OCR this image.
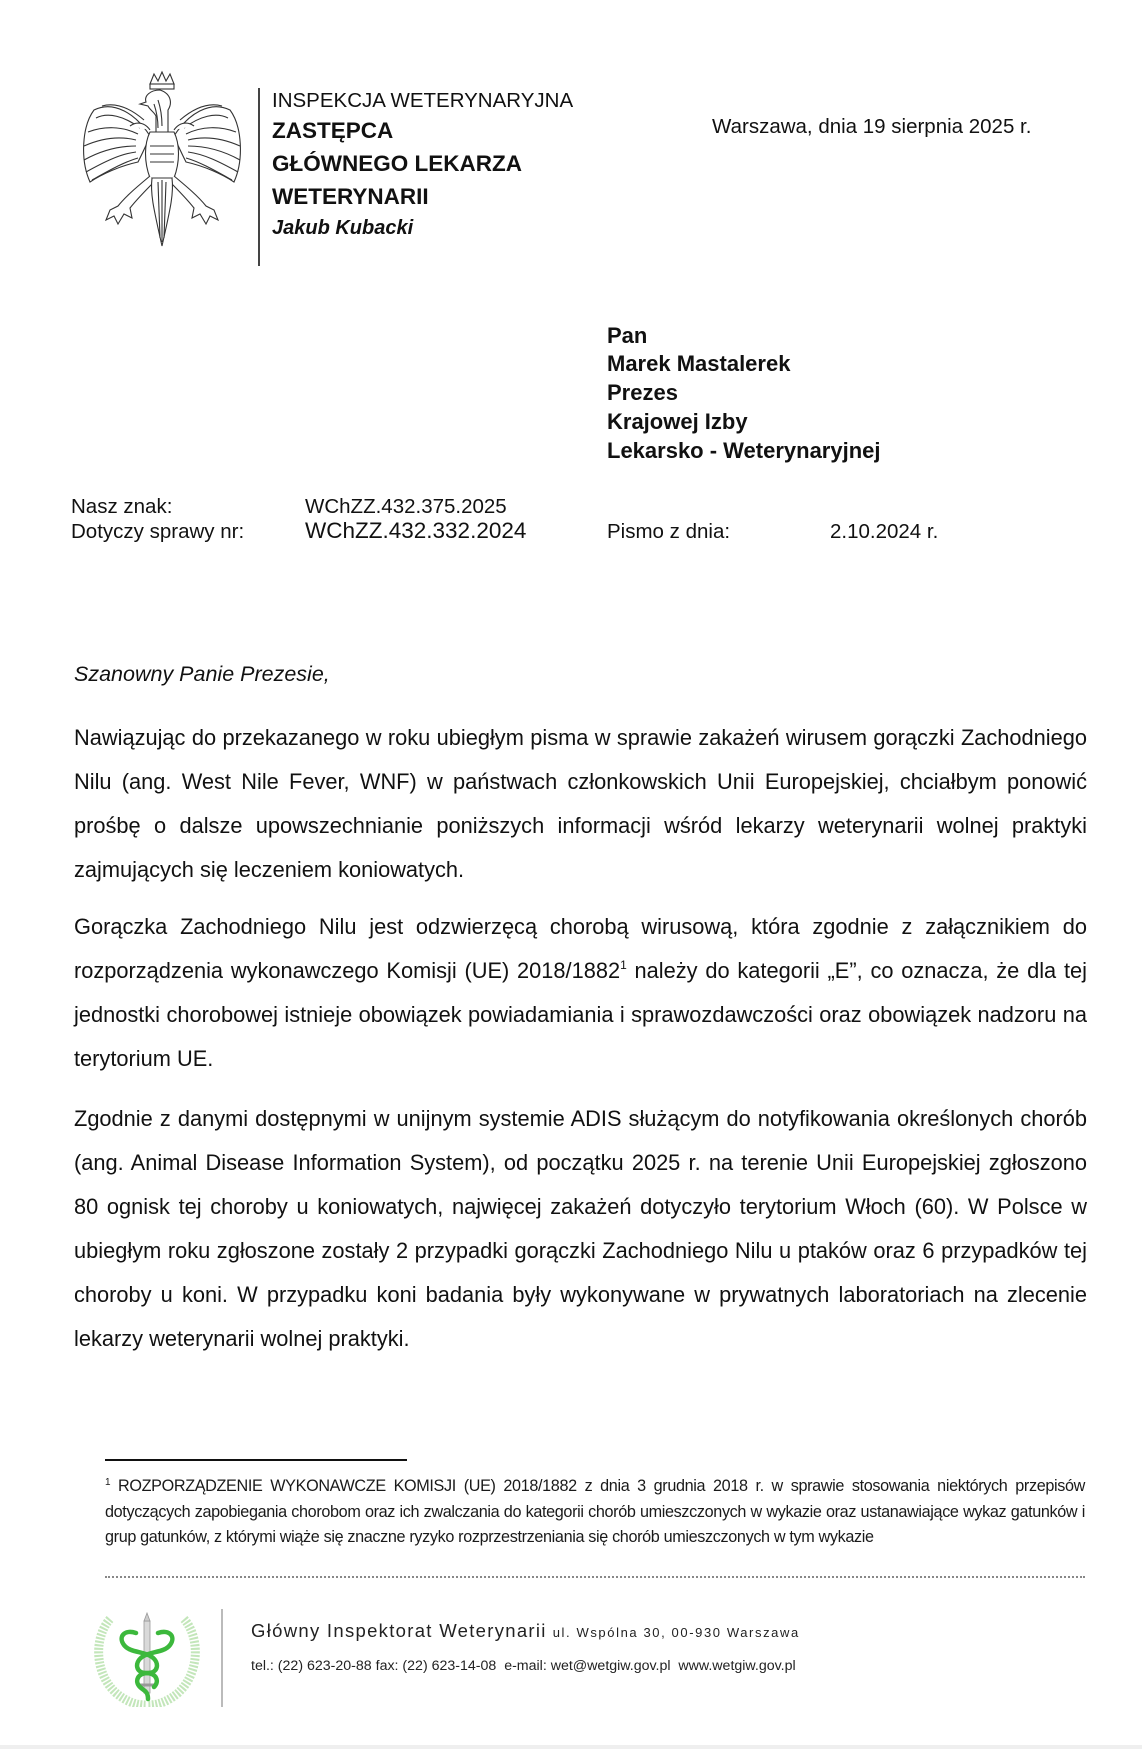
INSPEKCJA WETERYNARYJNA
ZASTĘPCA
GŁÓWNEGO LEKARZA
WETERYNARII
Jakub Kubacki
Warszawa, dnia 19 sierpnia 2025 r.
Pan
Marek Mastalerek
Prezes
Krajowej Izby
Lekarsko - Weterynaryjnej
Nasz znak:	WChZZ.432.375.2025
Dotyczy sprawy nr:	WChZZ.432.332.2024	Pismo z dnia:	2.10.2024 r.
Szanowny Panie Prezesie,

Nawiązując do przekazanego w roku ubiegłym pisma w sprawie zakażeń wirusem gorączki Zachodniego Nilu (ang. West Nile Fever, WNF) w państwach członkowskich Unii Europejskiej, chciałbym ponowić prośbę o dalsze upowszechnianie poniższych informacji wśród lekarzy weterynarii wolnej praktyki zajmujących się leczeniem koniowatych.

Gorączka Zachodniego Nilu jest odzwierzęcą chorobą wirusową, która zgodnie z załącznikiem do rozporządzenia wykonawczego Komisji (UE) 2018/1882$^1$ należy do kategorii „E”, co oznacza, że dla tej jednostki chorobowej istnieje obowiązek powiadamiania i sprawozdawczości oraz obowiązek nadzoru na terytorium UE.

Zgodnie z danymi dostępnymi w unijnym systemie ADIS służącym do notyfikowania określonych chorób (ang. Animal Disease Information System), od początku 2025 r. na terenie Unii Europejskiej zgłoszono 80 ognisk tej choroby u koniowatych, najwięcej zakażeń dotyczyło terytorium Włoch (60). W Polsce w ubiegłym roku zgłoszone zostały 2 przypadki gorączki Zachodniego Nilu u ptaków oraz 6 przypadków tej choroby u koni. W przypadku koni badania były wykonywane w prywatnych laboratoriach na zlecenie lekarzy weterynarii wolnej praktyki.

$^1$ ROZPORZĄDZENIE WYKONAWCZE KOMISJI (UE) 2018/1882 z dnia 3 grudnia 2018 r. w sprawie stosowania niektórych przepisów dotyczących zapobiegania chorobom oraz ich zwalczania do kategorii chorób umieszczonych w wykazie oraz ustanawiające wykaz gatunków i grup gatunków, z którymi wiąże się znaczne ryzyko rozprzestrzeniania się chorób umieszczonych w tym wykazie

Główny Inspektorat Weterynarii ul. Wspólna 30, 00-930 Warszawa
tel.: (22) 623-20-88 fax: (22) 623-14-08 e-mail: wet@wetgiw.gov.pl www.wetgiw.gov.pl
